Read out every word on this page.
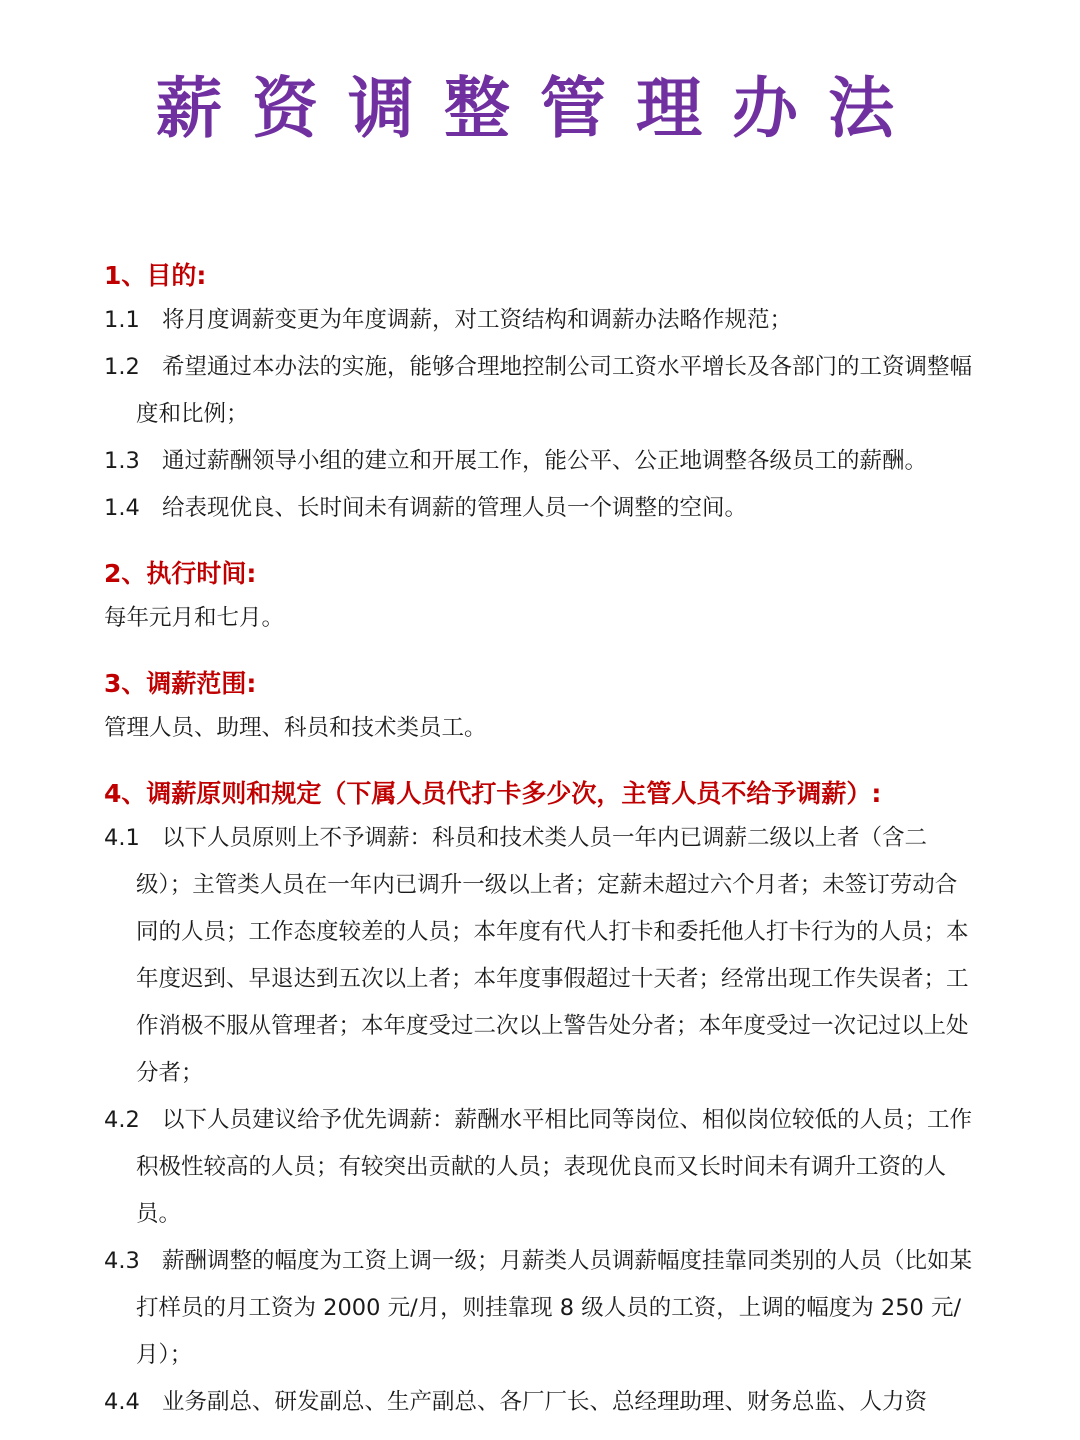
薪资调整管理办法
1、目的:
1.1 将月度调薪变更为年度调薪，对工资结构和调薪办法略作规范；
1.2 希望通过本办法的实施，能够合理地控制公司工资水平增长及各部门的工资调整幅度和比例；
1.3 通过薪酬领导小组的建立和开展工作，能公平、公正地调整各级员工的薪酬。
1.4 给表现优良、长时间未有调薪的管理人员一个调整的空间。
2、执行时间:
每年元月和七月。
3、调薪范围:
管理人员、助理、科员和技术类员工。
4、调薪原则和规定（下属人员代打卡多少次，主管人员不给予调薪）:
4.1 以下人员原则上不予调薪：科员和技术类人员一年内已调薪二级以上者（含二级）；主管类人员在一年内已调升一级以上者；定薪未超过六个月者；未签订劳动合同的人员；工作态度较差的人员；本年度有代人打卡和委托他人打卡行为的人员；本年度迟到、早退达到五次以上者；本年度事假超过十天者；经常出现工作失误者；工作消极不服从管理者；本年度受过二次以上警告处分者；本年度受过一次记过以上处分者；
4.2 以下人员建议给予优先调薪：薪酬水平相比同等岗位、相似岗位较低的人员；工作积极性较高的人员；有较突出贡献的人员；表现优良而又长时间未有调升工资的人员。
4.3 薪酬调整的幅度为工资上调一级；月薪类人员调薪幅度挂靠同类别的人员（比如某打样员的月工资为 2000 元/月，则挂靠现 8 级人员的工资，上调的幅度为 250 元/月）；
4.4 业务副总、研发副总、生产副总、各厂厂长、总经理助理、财务总监、人力资
